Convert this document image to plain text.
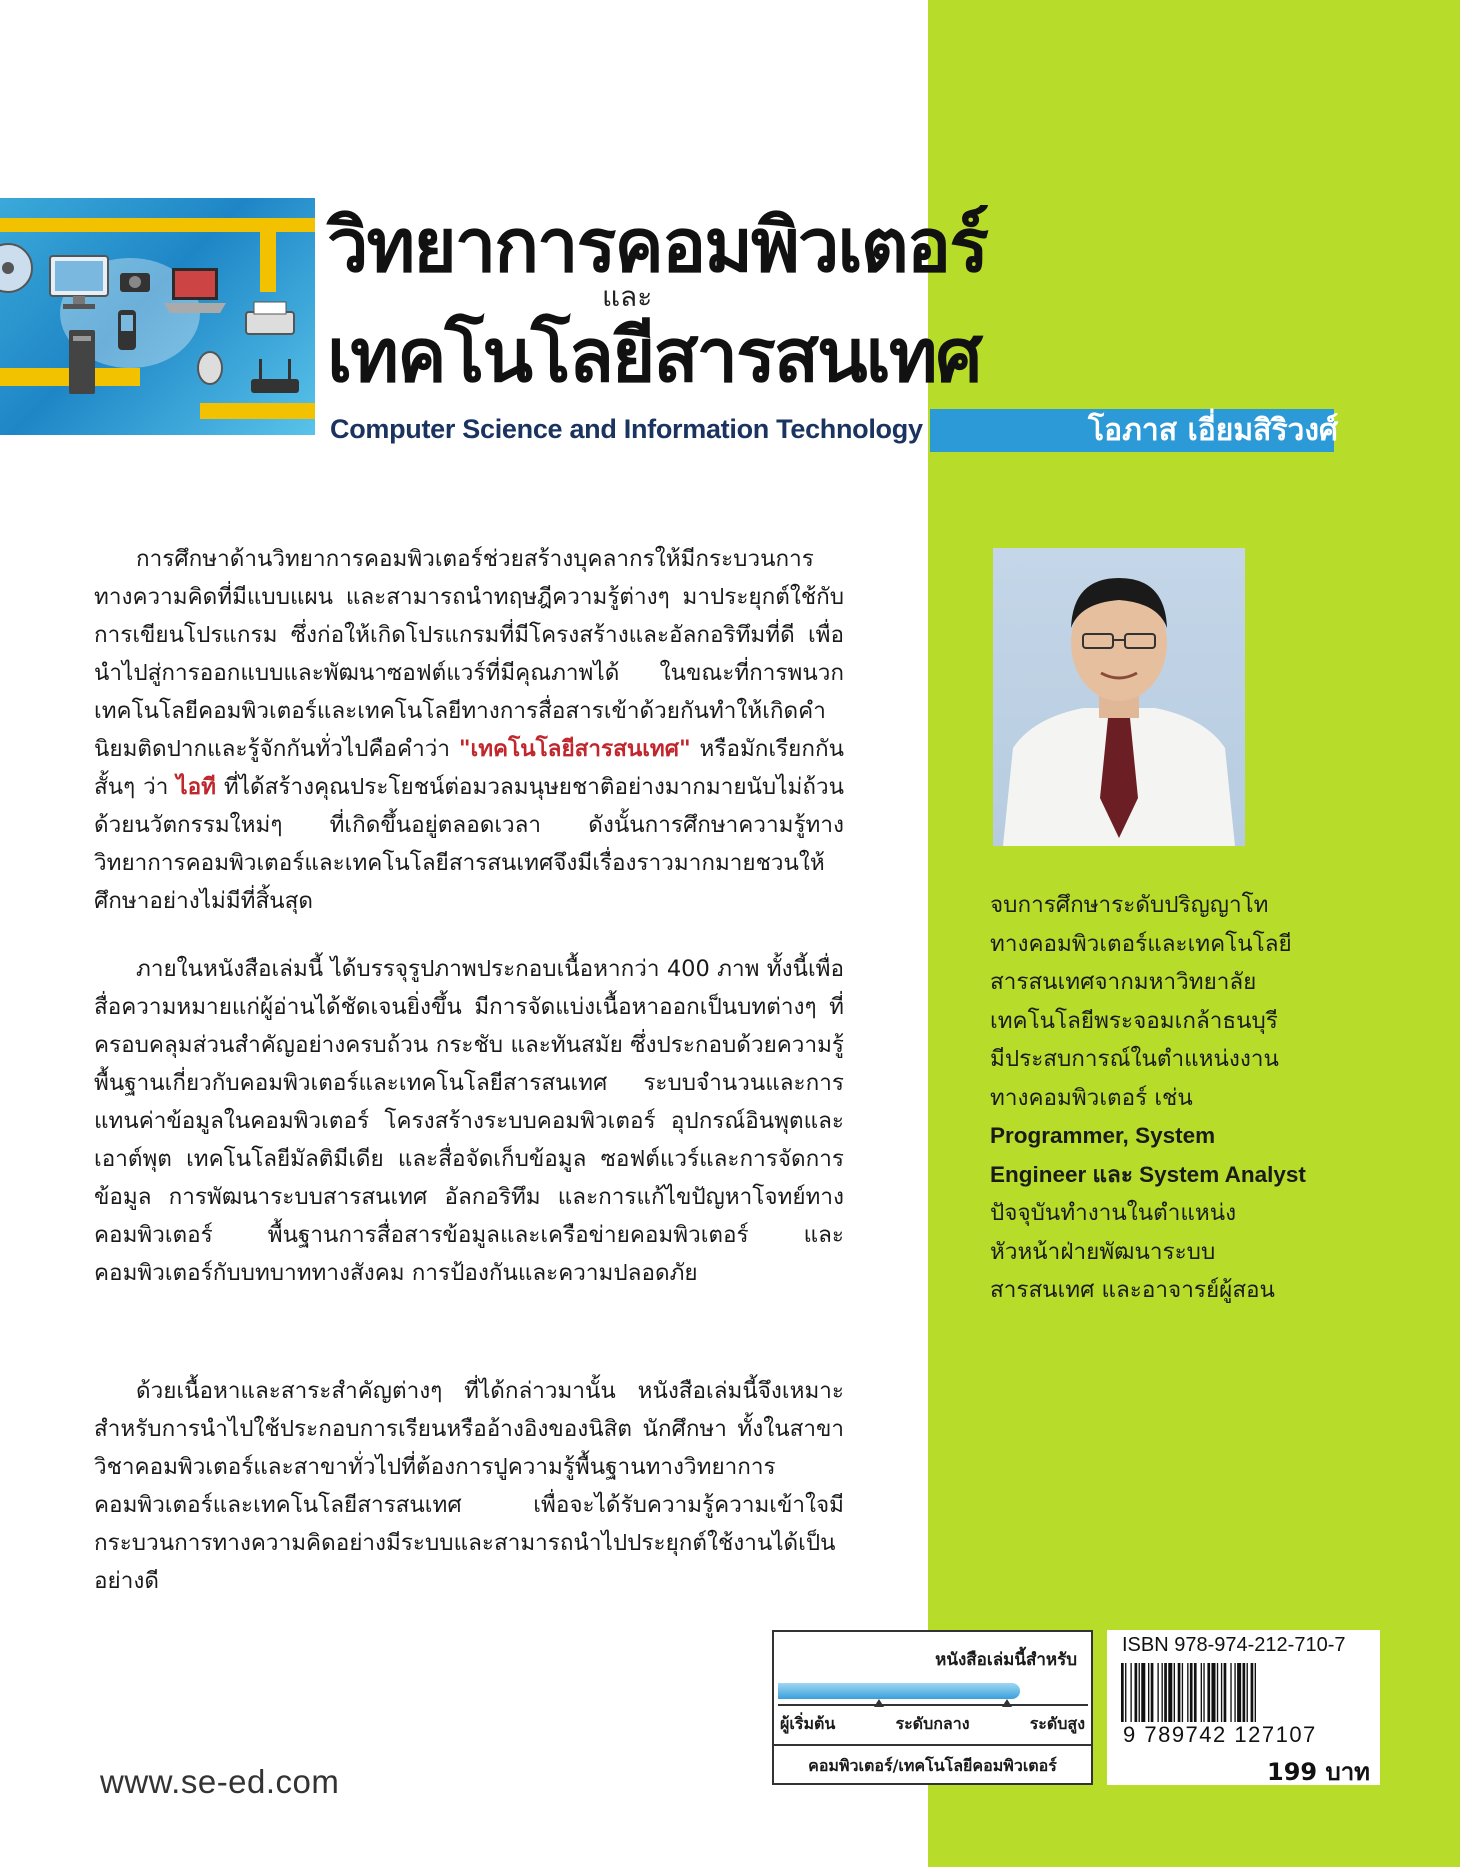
วิทยาการคอมพิวเตอร์
และ
เทคโนโลยีสารสนเทศ
Computer Science and Information Technology	โอภาส เอี่ยมสิริวงศ์

การศึกษาด้านวิทยาการคอมพิวเตอร์ช่วยสร้างบุคลากรให้มีกระบวนการทางความคิดที่มีแบบแผน และสามารถนำทฤษฎีความรู้ต่างๆ มาประยุกต์ใช้กับการเขียนโปรแกรม ซึ่งก่อให้เกิดโปรแกรมที่มีโครงสร้างและอัลกอริทึมที่ดี เพื่อนำไปสู่การออกแบบและพัฒนาซอฟต์แวร์ที่มีคุณภาพได้ ในขณะที่การพนวกเทคโนโลยีคอมพิวเตอร์และเทคโนโลยีทางการสื่อสารเข้าด้วยกันทำให้เกิดคำนิยมติดปากและรู้จักกันทั่วไปคือคำว่า "เทคโนโลยีสารสนเทศ" หรือมักเรียกกันสั้นๆ ว่า ไอที ที่ได้สร้างคุณประโยชน์ต่อมวลมนุษยชาติอย่างมากมายนับไม่ถ้วนด้วยนวัตกรรมใหม่ๆ ที่เกิดขึ้นอยู่ตลอดเวลา ดังนั้นการศึกษาความรู้ทางวิทยาการคอมพิวเตอร์และเทคโนโลยีสารสนเทศจึงมีเรื่องราวมากมายชวนให้ศึกษาอย่างไม่มีที่สิ้นสุด

ภายในหนังสือเล่มนี้ ได้บรรจุรูปภาพประกอบเนื้อหากว่า 400 ภาพ ทั้งนี้เพื่อสื่อความหมายแก่ผู้อ่านได้ชัดเจนยิ่งขึ้น มีการจัดแบ่งเนื้อหาออกเป็นบทต่างๆ ที่ครอบคลุมส่วนสำคัญอย่างครบถ้วน กระชับ และทันสมัย ซึ่งประกอบด้วยความรู้พื้นฐานเกี่ยวกับคอมพิวเตอร์และเทคโนโลยีสารสนเทศ ระบบจำนวนและการแทนค่าข้อมูลในคอมพิวเตอร์ โครงสร้างระบบคอมพิวเตอร์ อุปกรณ์อินพุตและเอาต์พุต เทคโนโลยีมัลติมีเดีย และสื่อจัดเก็บข้อมูล ซอฟต์แวร์และการจัดการข้อมูล การพัฒนาระบบสารสนเทศ อัลกอริทึม และการแก้ไขปัญหาโจทย์ทางคอมพิวเตอร์ พื้นฐานการสื่อสารข้อมูลและเครือข่ายคอมพิวเตอร์ และคอมพิวเตอร์กับบทบาททางสังคม การป้องกันและความปลอดภัย

ด้วยเนื้อหาและสาระสำคัญต่างๆ ที่ได้กล่าวมานั้น หนังสือเล่มนี้จึงเหมาะสำหรับการนำไปใช้ประกอบการเรียนหรืออ้างอิงของนิสิต นักศึกษา ทั้งในสาขาวิชาคอมพิวเตอร์และสาขาทั่วไปที่ต้องการปูความรู้พื้นฐานทางวิทยาการคอมพิวเตอร์และเทคโนโลยีสารสนเทศ เพื่อจะได้รับความรู้ความเข้าใจมีกระบวนการทางความคิดอย่างมีระบบและสามารถนำไปประยุกต์ใช้งานได้เป็นอย่างดี

จบการศึกษาระดับปริญญาโท
ทางคอมพิวเตอร์และเทคโนโลยี
สารสนเทศจากมหาวิทยาลัย
เทคโนโลยีพระจอมเกล้าธนบุรี
มีประสบการณ์ในตำแหน่งงาน
ทางคอมพิวเตอร์ เช่น
Programmer, System
Engineer และ System Analyst
ปัจจุบันทำงานในตำแหน่ง
หัวหน้าฝ่ายพัฒนาระบบ
สารสนเทศ และอาจารย์ผู้สอน
หนังสือเล่มนี้สำหรับ
ผู้เริ่มต้น	ระดับกลาง	ระดับสูง
คอมพิวเตอร์/เทคโนโลยีคอมพิวเตอร์
ISBN 978-974-212-710-7
9 789742 127107
199 บาท
www.se-ed.com
